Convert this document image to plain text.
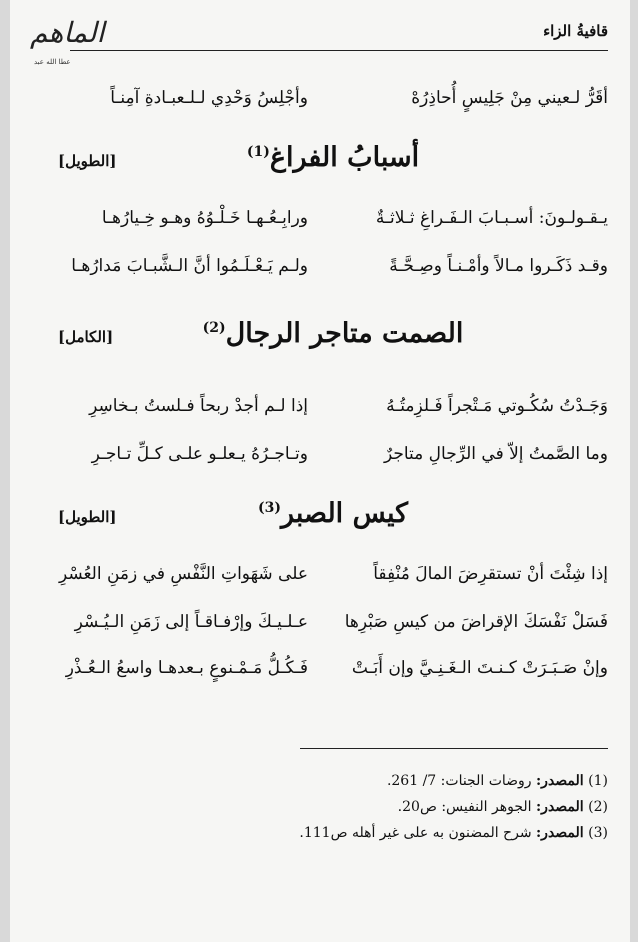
الماهم
عطا الله عبد
قافيةُ الزاء
أقَرُّ لـعيني مِنْ جَلِيسٍ أُحاذِرُهْ
وأجْلِسُ وَحْدِي لـلـعبـادةِ آمِنـاً
أسبابُ الفراغ$^{(1)}$
[الطويل]
يـقـولـونَ: أسـبـابَ الـفَـراغِ ثـلاثـةٌ
ورابِـعُـهـا خَـلْـوُهُ وهـو خِـيارُهـا
وقـد ذَكَـروا مـالاً وأمْـنـاً وصِـحَّـةً
ولـم يَـعْـلَـمُوا أنَّ الـشَّبـابَ مَدارُهـا
الصمت متاجر الرجال$^{(2)}$
[الكامل]
وَجَـدْتُ سُكُـوتي مَـتْجراً فَـلزِمتُـهُ
إذا لـم أجدْ ربحاً فـلستُ بـخاسِرِ
وما الصَّمتُ إلاّ في الرِّجالِ متاجرٌ
وتـاجـرُهُ يـعلـو علـى كـلِّ تـاجـرِ
كيس الصبر$^{(3)}$
[الطويل]
إذا شِئْتَ أنْ تستقرِضَ المالَ مُنْفِقاً
على شَهَواتِ النَّفْسِ في زمَنِ العُسْرِ
فَسَلْ نَفْسَكَ الإقراضَ من كيسِ صَبْرِها
عـلـيـكَ وإرْفـاقـاً إلى زَمَنِ الـيُـسْرِ
وإنْ صَـبَـرَتْ كـنـتَ الـغَـنِـيَّ وإن أَبَـتْ
فَـكُـلُّ مَـمْـنوعٍ بـعدهـا واسعُ الـعُـذْرِ
(1) المصدر: روضات الجنات: 7/ 261.
(2) المصدر: الجوهر النفيس: ص20.
(3) المصدر: شرح المضنون به على غير أهله ص111.
